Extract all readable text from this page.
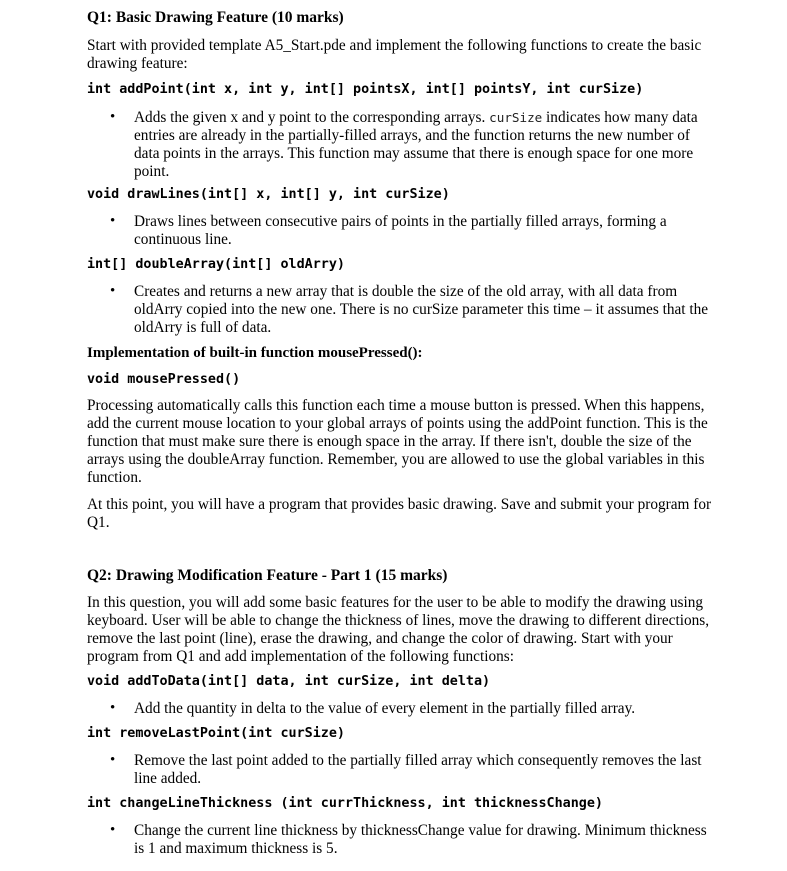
Q1: Basic Drawing Feature (10 marks)
Start with provided template A5_Start.pde and implement the following functions to create the basic drawing feature:
int addPoint(int x, int y, int[] pointsX, int[] pointsY, int curSize)
• Adds the given x and y point to the corresponding arrays. curSize indicates how many data entries are already in the partially-filled arrays, and the function returns the new number of data points in the arrays. This function may assume that there is enough space for one more point.
void drawLines(int[] x, int[] y, int curSize)
• Draws lines between consecutive pairs of points in the partially filled arrays, forming a continuous line.
int[] doubleArray(int[] oldArry)
• Creates and returns a new array that is double the size of the old array, with all data from oldArry copied into the new one. There is no curSize parameter this time – it assumes that the oldArry is full of data.
Implementation of built-in function mousePressed():
void mousePressed()
Processing automatically calls this function each time a mouse button is pressed. When this happens, add the current mouse location to your global arrays of points using the addPoint function. This is the function that must make sure there is enough space in the array. If there isn't, double the size of the arrays using the doubleArray function. Remember, you are allowed to use the global variables in this function.
At this point, you will have a program that provides basic drawing. Save and submit your program for Q1.
Q2: Drawing Modification Feature - Part 1 (15 marks)
In this question, you will add some basic features for the user to be able to modify the drawing using keyboard. User will be able to change the thickness of lines, move the drawing to different directions, remove the last point (line), erase the drawing, and change the color of drawing. Start with your program from Q1 and add implementation of the following functions:
void addToData(int[] data, int curSize, int delta)
• Add the quantity in delta to the value of every element in the partially filled array.
int removeLastPoint(int curSize)
• Remove the last point added to the partially filled array which consequently removes the last line added.
int changeLineThickness (int currThickness, int thicknessChange)
• Change the current line thickness by thicknessChange value for drawing. Minimum thickness is 1 and maximum thickness is 5.
